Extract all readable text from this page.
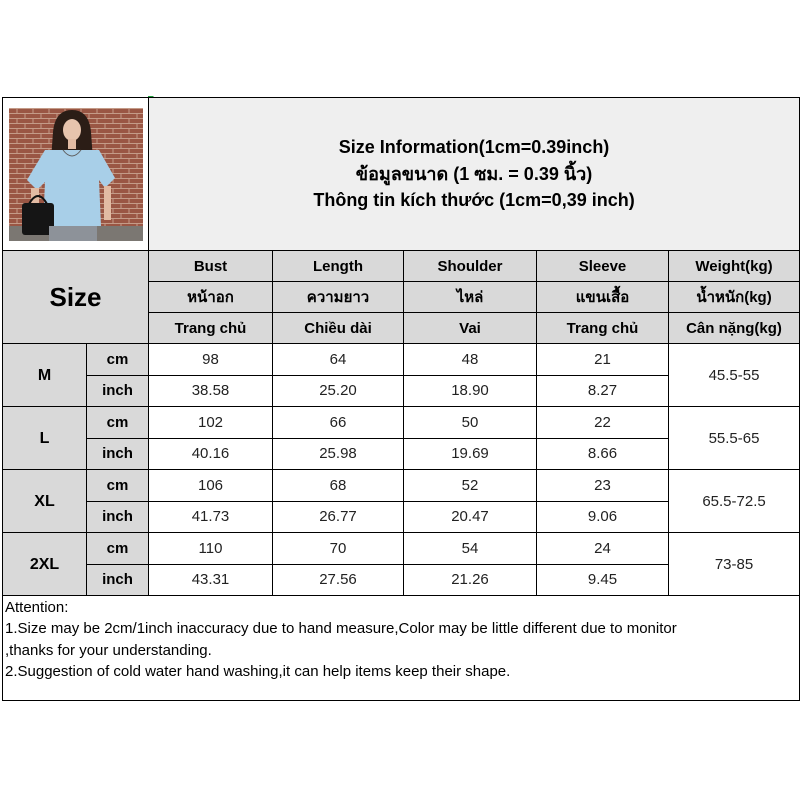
Size Information(1cm=0.39inch)
ข้อมูลขนาด (1 ซม. = 0.39 นิ้ว)
Thông tin kích thước (1cm=0,39 inch)				

Size		Bust	Length	Shoulder	Sleeve	Weight(kg)
		หน้าอก	ความยาว	ไหล่	แขนเสื้อ	น้ำหนัก(kg)
		Trang chủ	Chiều dài	Vai	Trang chủ	Cân nặng(kg)
M	cm	98	64	48	21	45.5-55
	inch	38.58	25.20	18.90	8.27	
L	cm	102	66	50	22	55.5-65
	inch	40.16	25.98	19.69	8.66	
XL	cm	106	68	52	23	65.5-72.5
	inch	41.73	26.77	20.47	9.06	
2XL	cm	110	70	54	24	73-85
	inch	43.31	27.56	21.26	9.45	

Attention:
1.Size may be 2cm/1inch inaccuracy due to hand measure,Color may be little different due to monitor
,thanks for your understanding.
2.Suggestion of cold water hand washing,it can help items keep their shape.						
